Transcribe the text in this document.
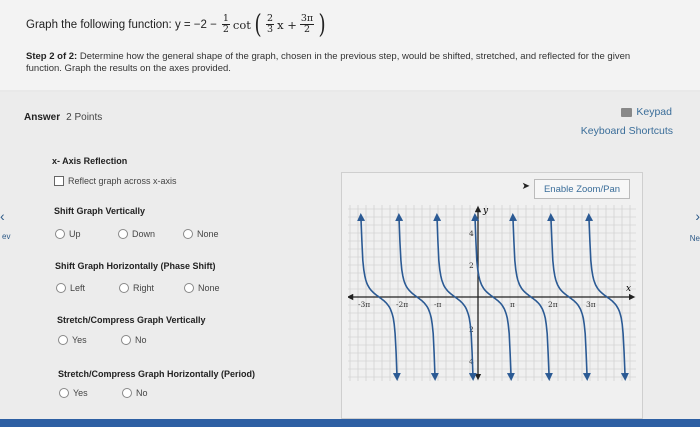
Graph the following function: $y = -2 - \frac{1}{2}$ cot ( $\frac{2}{3}$ $x + \frac{3\pi}{2}$ )
Step 2 of 2: Determine how the general shape of the graph, chosen in the previous step, would be shifted, stretched, and reflected for the given function. Graph the results on the axes provided.
Answer 2 Points	Keypad
Keyboard Shortcuts
‹
ev
›
Ne
x- Axis Reflection
Reflect graph across x-axis
Shift Graph Vertically
Up	Down	None
Shift Graph Horizontally (Phase Shift)
Left	Right	None
Stretch/Compress Graph Vertically
Yes	No
Stretch/Compress Graph Horizontally (Period)
Yes	No
➤	Enable Zoom/Pan
x
y
-3π	-2π	-π	π	2π	3π
4
2
2
4
